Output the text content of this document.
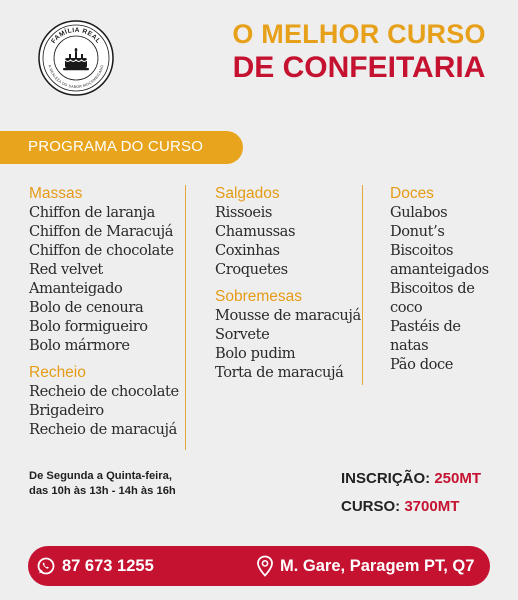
FAMÍLIA REAL
A REALEZA DO SABOR MOÇAMBICANO
O MELHOR CURSO
DE CONFEITARIA
PROGRAMA DO CURSO

Massas

Chiffon de laranja

Chiffon de Maracujá

Chiffon de chocolate

Red velvet

Amanteigado

Bolo de cenoura

Bolo formigueiro

Bolo mármore

Recheio

Recheio de chocolate

Brigadeiro

Recheio de maracujá

Salgados

Rissoeis

Chamussas

Coxinhas

Croquetes

Sobremesas

Mousse de maracujá

Sorvete

Bolo pudim

Torta de maracujá

Doces

Gulabos

Donut’s

Biscoitos

amanteigados

Biscoitos de

coco

Pastéis de

natas

Pão doce

De Segunda a Quinta-feira,
das 10h às 13h - 14h às 16h
INSCRIÇÃO: 250MT
CURSO: 3700MT
87 673 1255	M. Gare, Paragem PT, Q7
